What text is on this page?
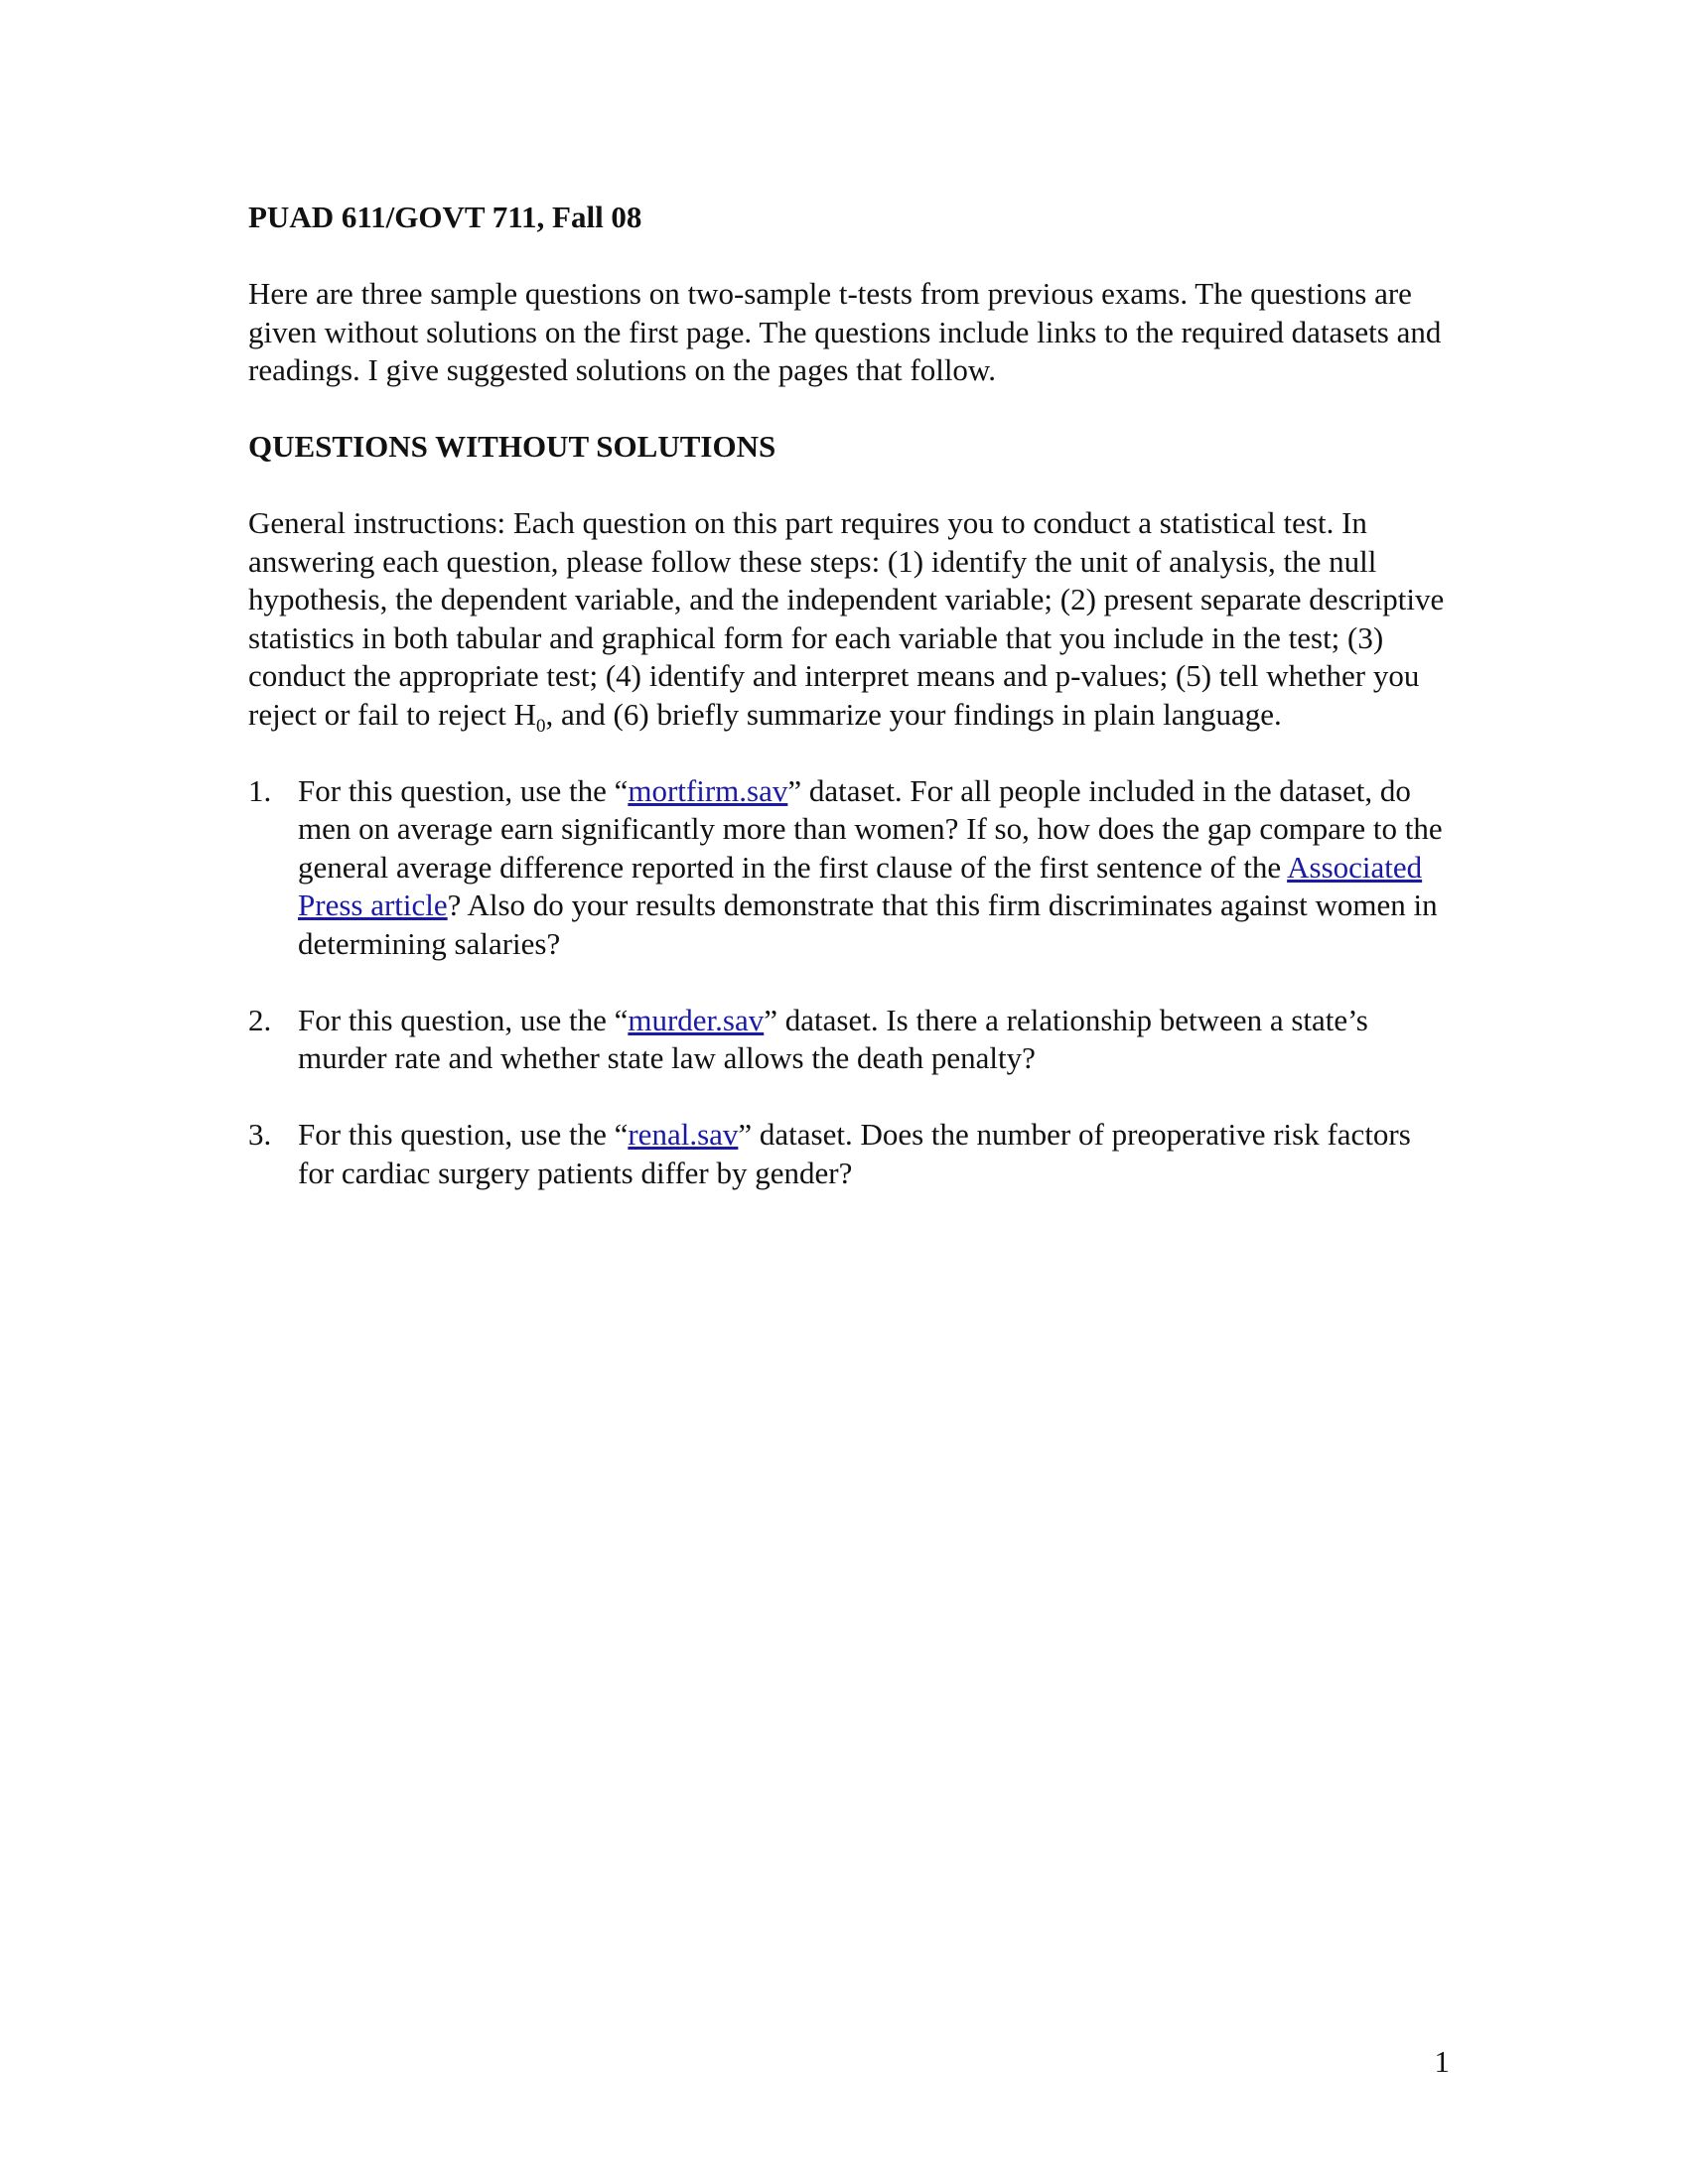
PUAD 611/GOVT 711, Fall 08

Here are three sample questions on two-sample t-tests from previous exams. The questions are given without solutions on the first page. The questions include links to the required datasets and readings. I give suggested solutions on the pages that follow.

QUESTIONS WITHOUT SOLUTIONS

General instructions: Each question on this part requires you to conduct a statistical test. In answering each question, please follow these steps: (1) identify the unit of analysis, the null hypothesis, the dependent variable, and the independent variable; (2) present separate descriptive statistics in both tabular and graphical form for each variable that you include in the test; (3) conduct the appropriate test; (4) identify and interpret means and p-values; (5) tell whether you reject or fail to reject $H_0$, and (6) briefly summarize your findings in plain language.

1. For this question, use the “mortfirm.sav” dataset. For all people included in the dataset, do men on average earn significantly more than women? If so, how does the gap compare to the general average difference reported in the first clause of the first sentence of the Associated Press article? Also do your results demonstrate that this firm discriminates against women in determining salaries?
2. For this question, use the “murder.sav” dataset. Is there a relationship between a state’s murder rate and whether state law allows the death penalty?
3. For this question, use the “renal.sav” dataset. Does the number of preoperative risk factors for cardiac surgery patients differ by gender?
1
